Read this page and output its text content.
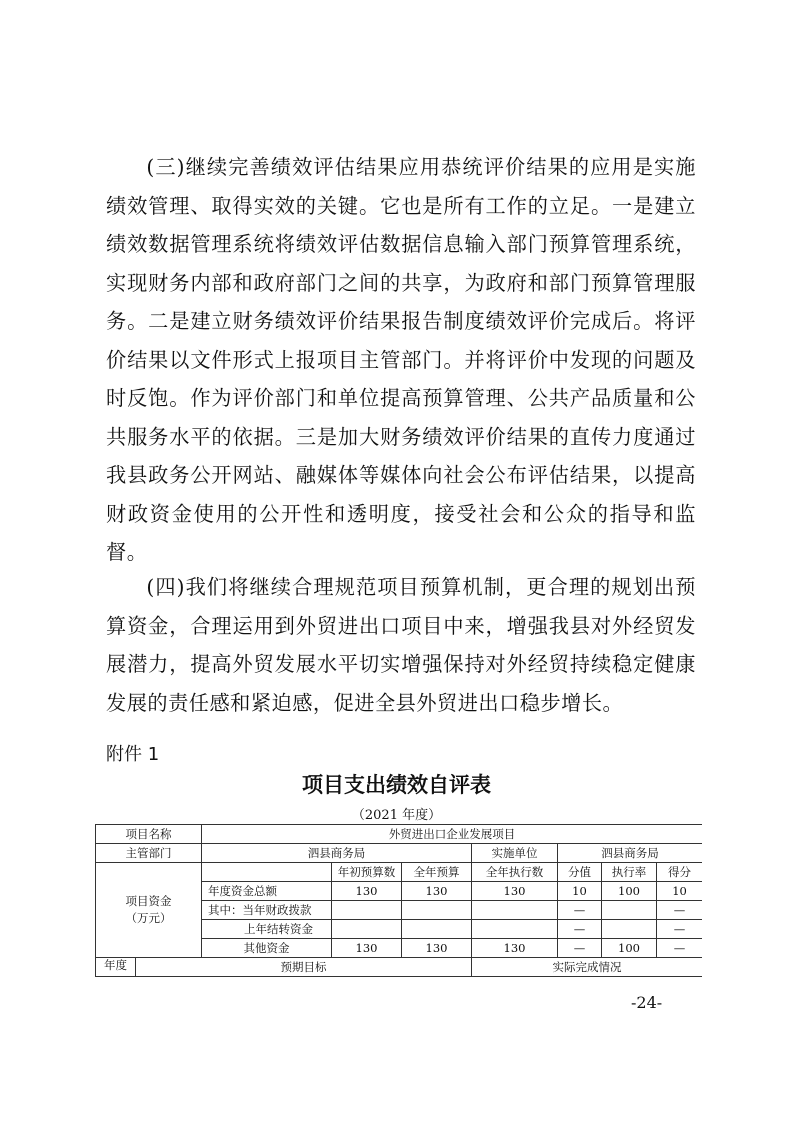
(三)继续完善绩效评估结果应用恭统评价结果的应用是实施绩效管理、取得实效的关键。它也是所有工作的立足。一是建立绩效数据管理系统将绩效评估数据信息输入部门预算管理系统，实现财务内部和政府部门之间的共享，为政府和部门预算管理服务。二是建立财务绩效评价结果报告制度绩效评价完成后。将评价结果以文件形式上报项目主管部门。并将评价中发现的问题及时反饱。作为评价部门和单位提高预算管理、公共产品质量和公共服务水平的依据。三是加大财务绩效评价结果的直传力度通过我县政务公开网站、融媒体等媒体向社会公布评估结果，以提高财政资金使用的公开性和透明度，接受社会和公众的指导和监督。

(四)我们将继续合理规范项目预算机制，更合理的规划出预算资金，合理运用到外贸进出口项目中来，增强我县对外经贸发展潜力，提高外贸发展水平切实增强保持对外经贸持续稳定健康发展的责任感和紧迫感，促进全县外贸进出口稳步增长。

附件 1
项目支出绩效自评表
（2021 年度）
项目名称		外贸进出口企业发展项目						
主管部门		泗县商务局			实施单位	泗县商务局		
项目资金
（万元）			年初预算数	全年预算	全年执行数	分值	执行率	得分
		年度资金总额	130	130	130	10	100	10
		其中：当年财政拨款				—		—
		上年结转资金				—		—
		其他资金	130	130	130	—	100	—
年度	预期目标				实际完成情况			
-24-
